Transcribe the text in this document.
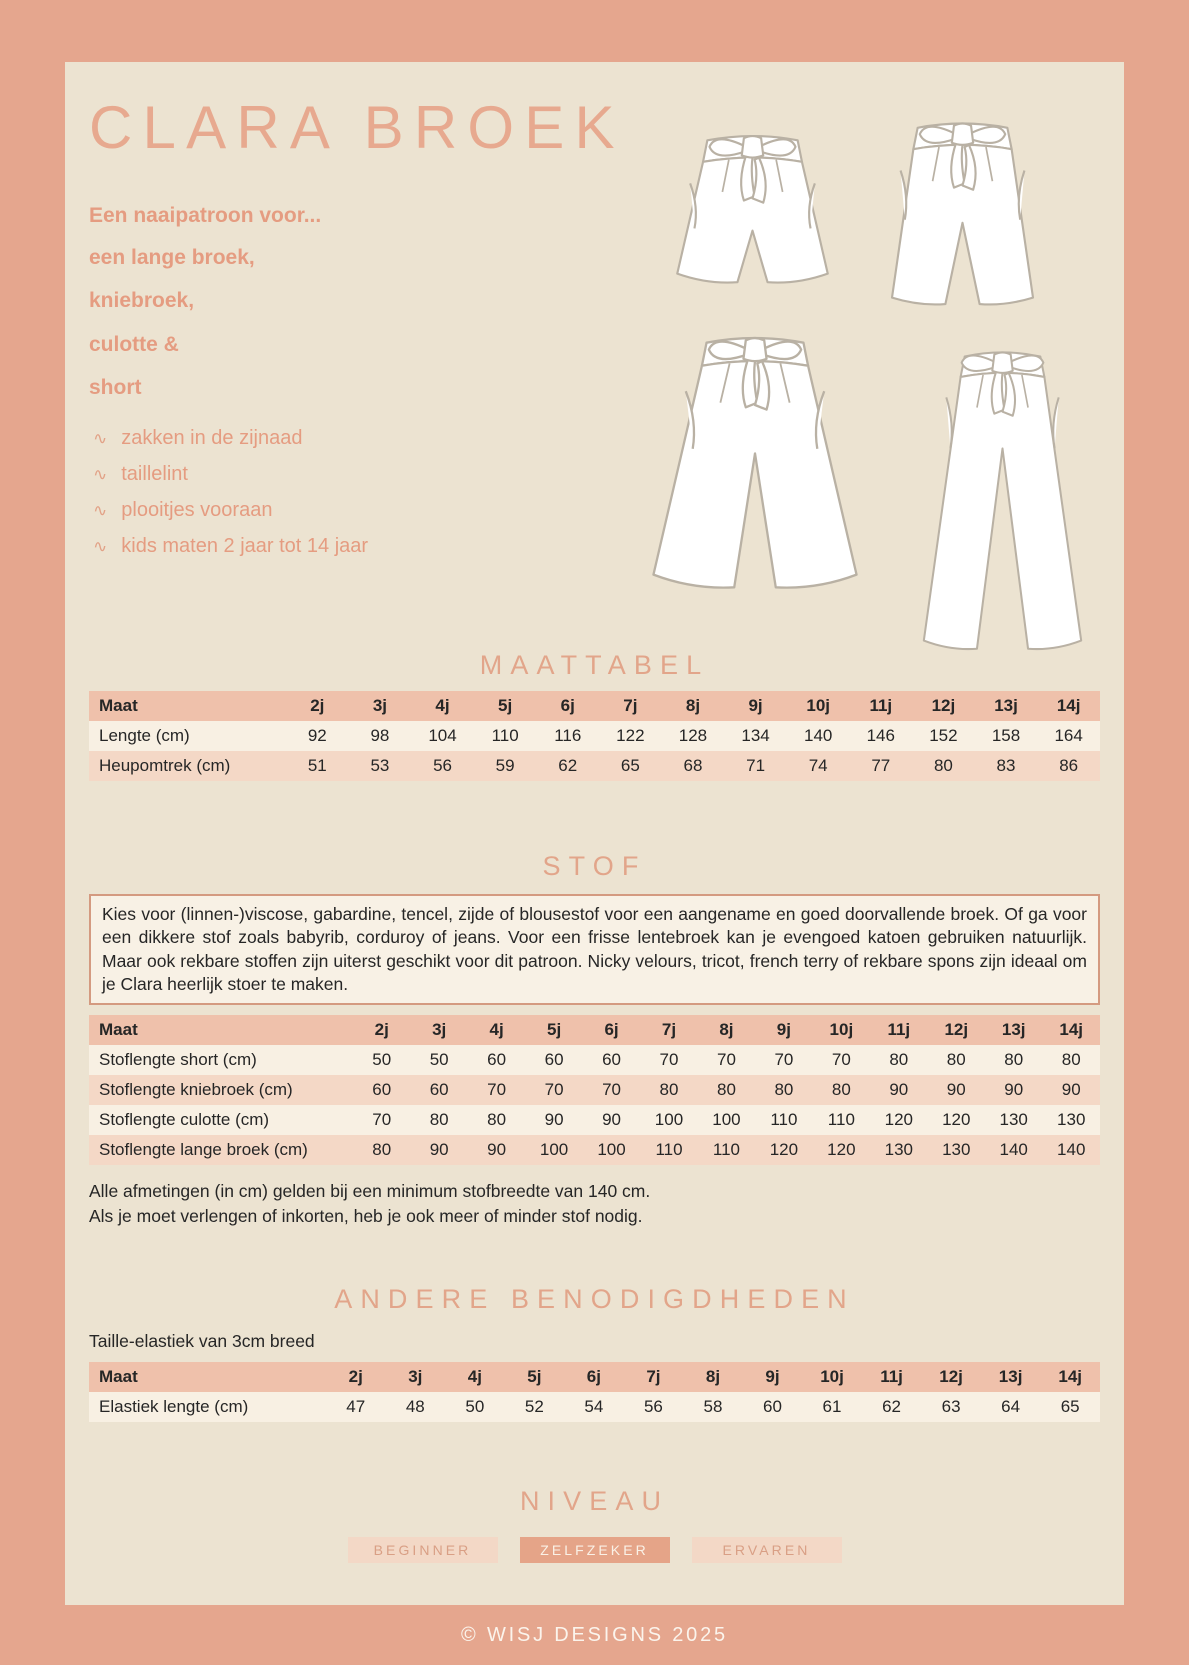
CLARA BROEK
Een naaipatroon voor...
een lange broek,
kniebroek,
culotte &
short
∿ zakken in de zijnaad
∿ taillelint
∿ plooitjes vooraan
∿ kids maten 2 jaar tot 14 jaar
MAATTABEL
Maat	2j	3j	4j	5j	6j	7j	8j	9j	10j	11j	12j	13j	14j
Lengte (cm)	92	98	104	110	116	122	128	134	140	146	152	158	164
Heupomtrek (cm)	51	53	56	59	62	65	68	71	74	77	80	83	86
STOF
Kies voor (linnen-)viscose, gabardine, tencel, zijde of blousestof voor een aangename en goed doorvallende broek. Of ga voor een dikkere stof zoals babyrib, corduroy of jeans. Voor een frisse lentebroek kan je evengoed katoen gebruiken natuurlijk. Maar ook rekbare stoffen zijn uiterst geschikt voor dit patroon. Nicky velours, tricot, french terry of rekbare spons zijn ideaal om je Clara heerlijk stoer te maken.
Maat	2j	3j	4j	5j	6j	7j	8j	9j	10j	11j	12j	13j	14j
Stoflengte short (cm)	50	50	60	60	60	70	70	70	70	80	80	80	80
Stoflengte kniebroek (cm)	60	60	70	70	70	80	80	80	80	90	90	90	90
Stoflengte culotte (cm)	70	80	80	90	90	100	100	110	110	120	120	130	130
Stoflengte lange broek (cm)	80	90	90	100	100	110	110	120	120	130	130	140	140
Alle afmetingen (in cm) gelden bij een minimum stofbreedte van 140 cm.
Als je moet verlengen of inkorten, heb je ook meer of minder stof nodig.
ANDERE BENODIGDHEDEN
Taille-elastiek van 3cm breed
Maat	2j	3j	4j	5j	6j	7j	8j	9j	10j	11j	12j	13j	14j
Elastiek lengte (cm)	47	48	50	52	54	56	58	60	61	62	63	64	65
NIVEAU
BEGINNER	ZELFZEKER	ERVAREN
© WISJ DESIGNS 2025
